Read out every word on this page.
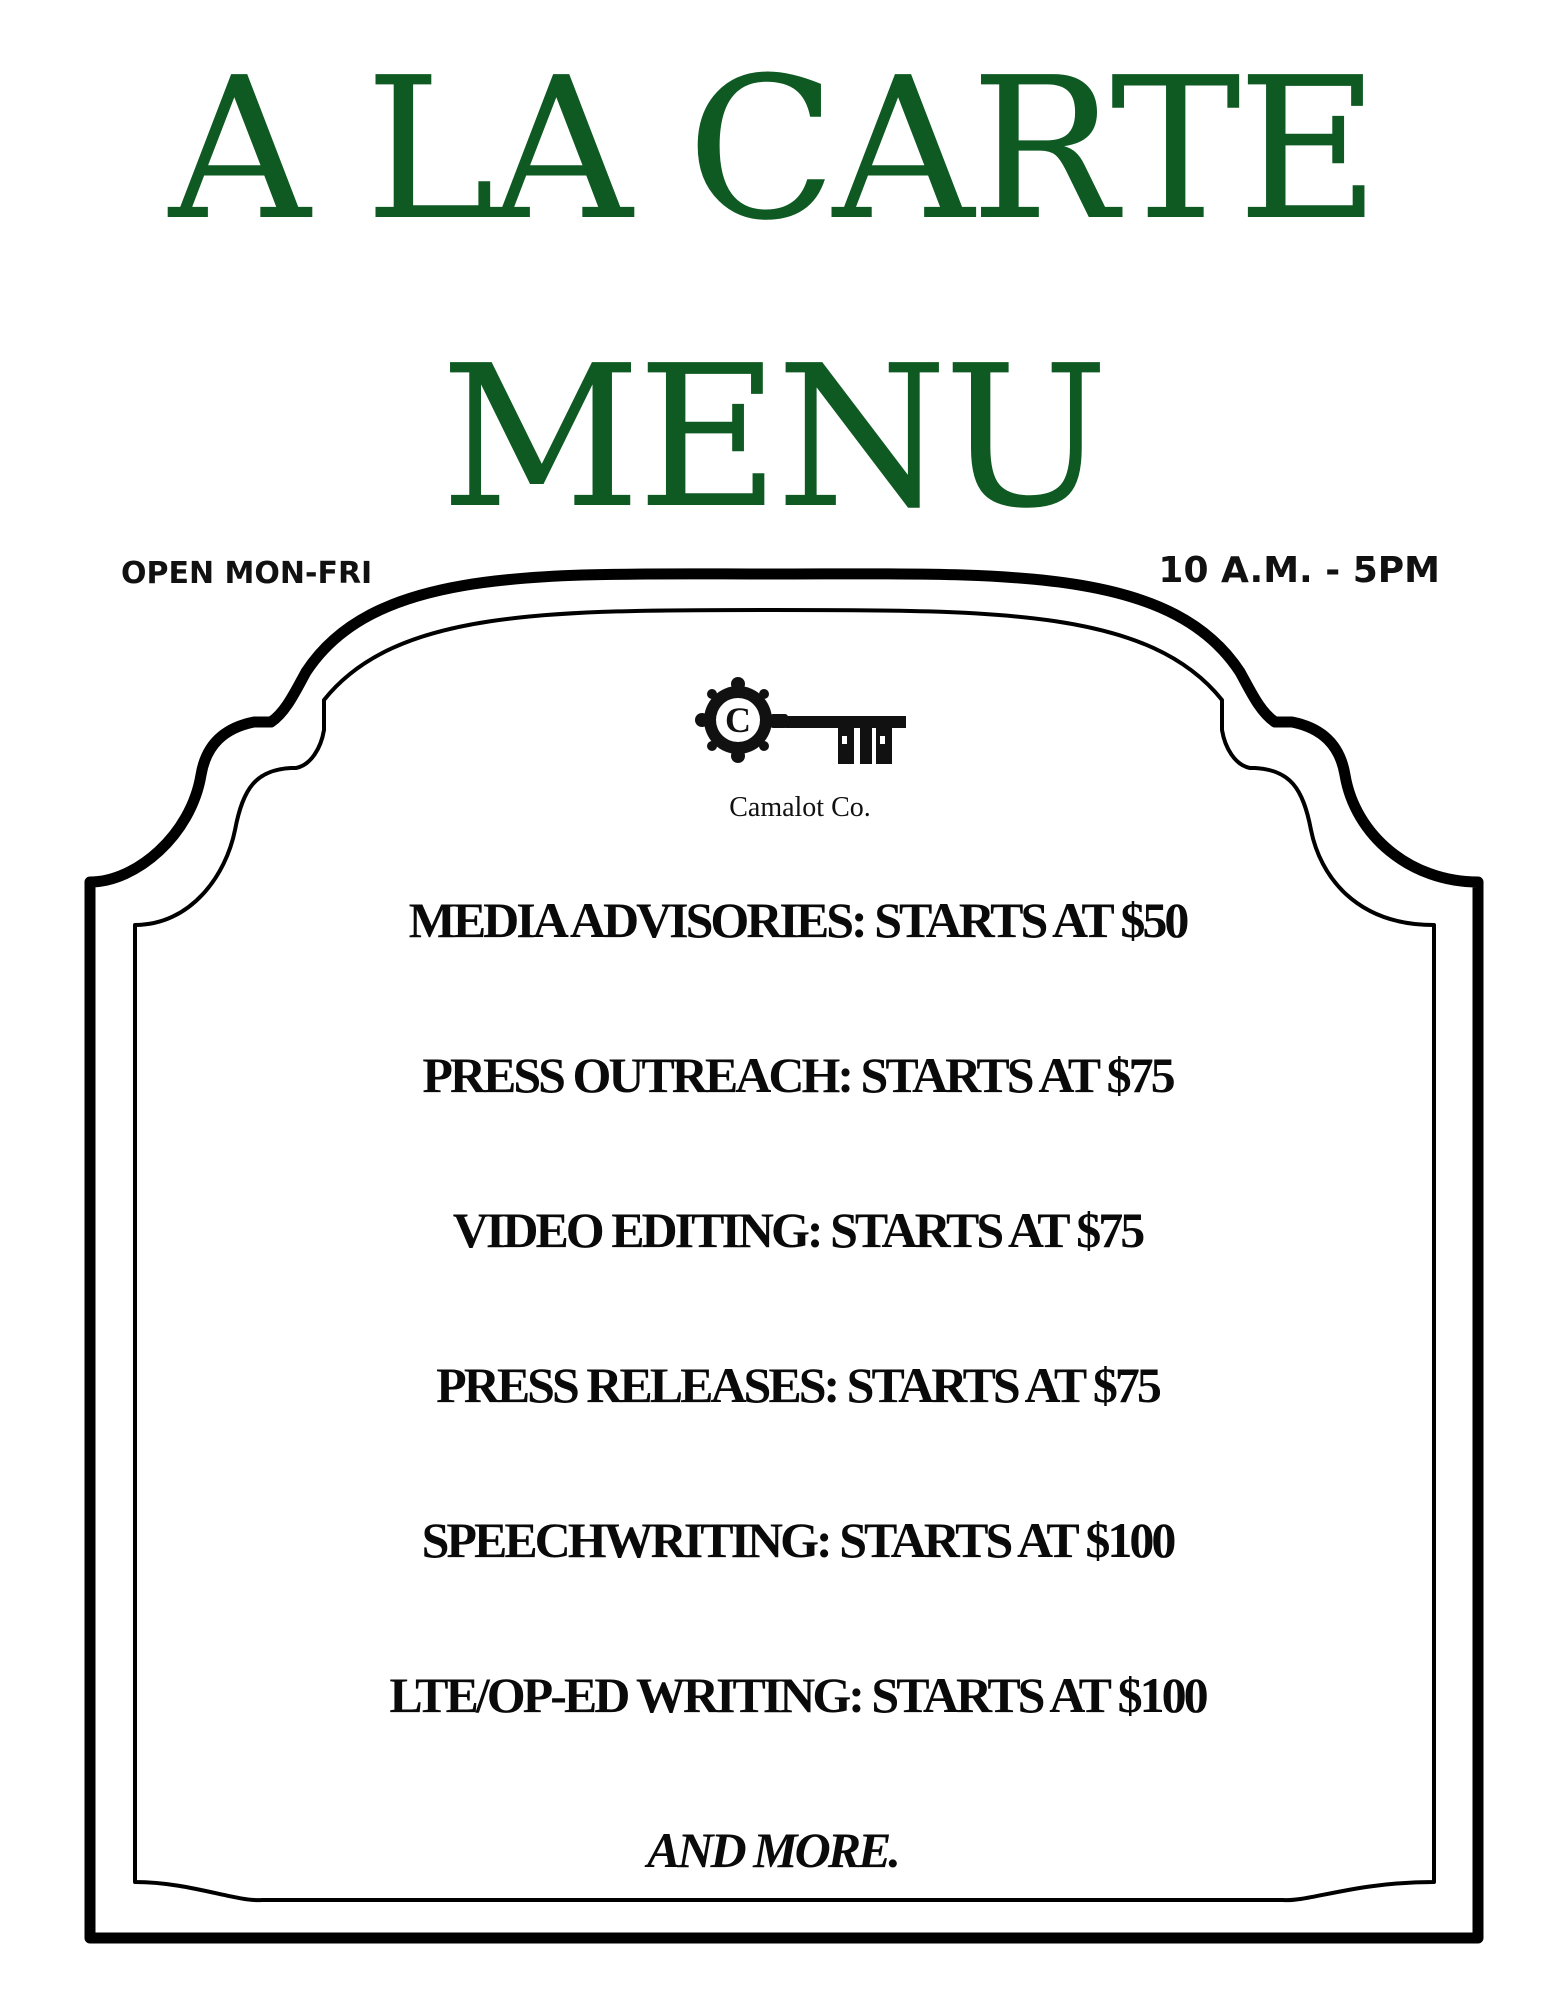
A LA CARTE
MENU
OPEN MON-FRI	10 A.M. - 5PM
C
Camalot Co.
MEDIA ADVISORIES: STARTS AT $50
PRESS OUTREACH: STARTS AT $75
VIDEO EDITING: STARTS AT $75
PRESS RELEASES: STARTS AT $75
SPEECHWRITING: STARTS AT $100
LTE/OP-ED WRITING: STARTS AT $100
AND MORE.
